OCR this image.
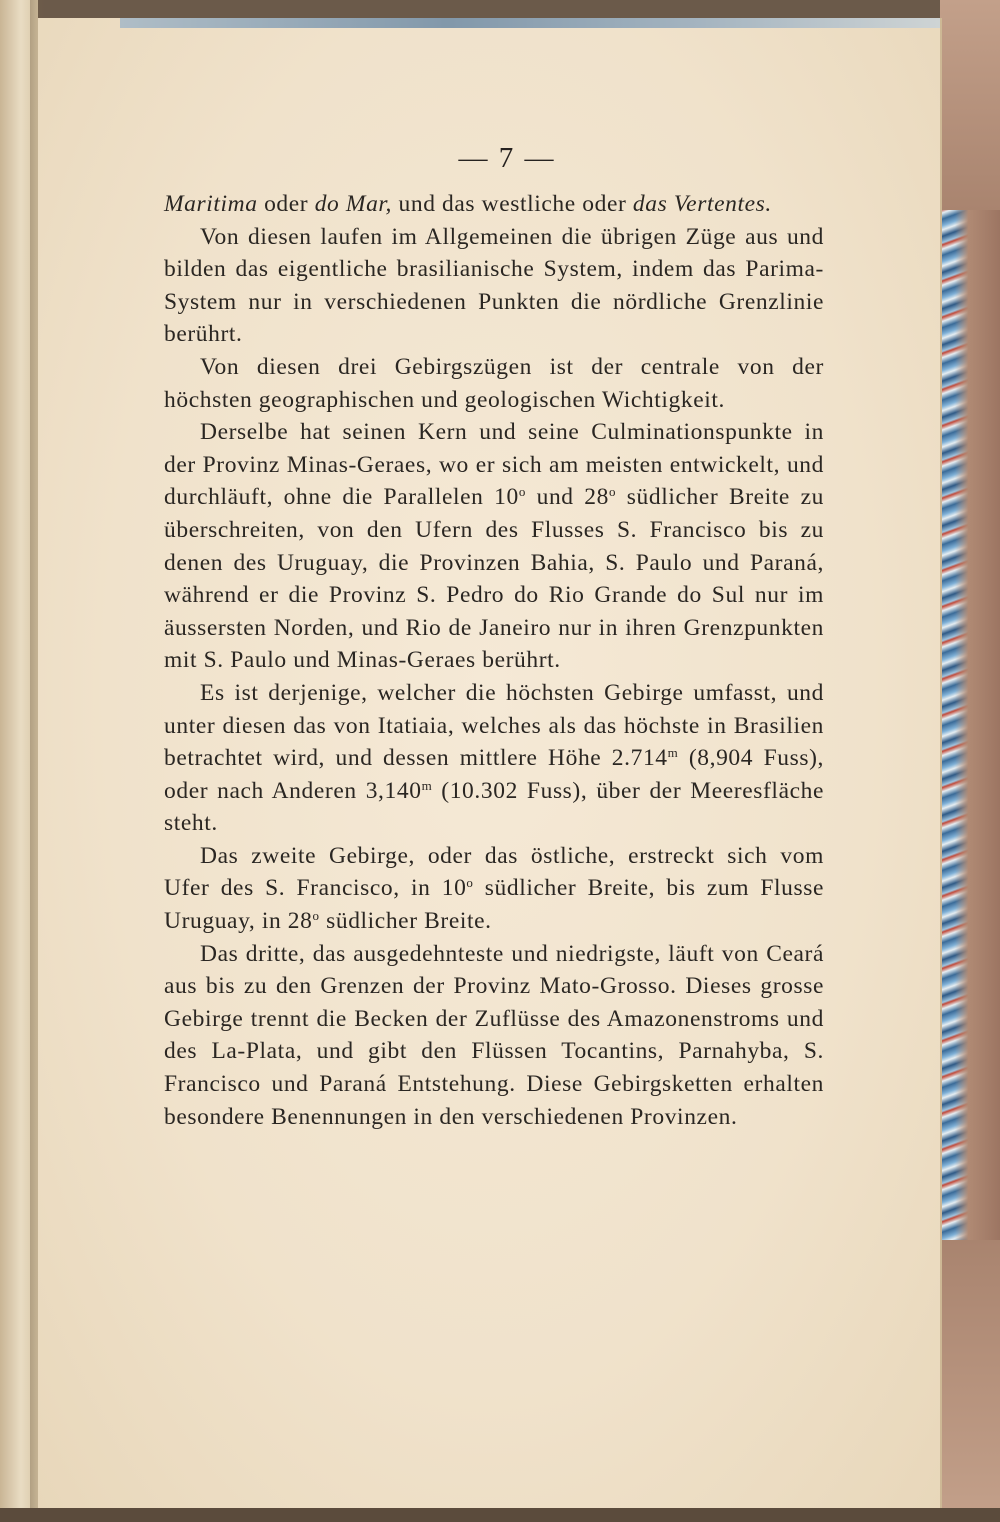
— 7 —

Maritima oder do Mar, und das westliche oder das Vertentes.

Von diesen laufen im Allgemeinen die übrigen Züge aus und bilden das eigentliche brasilianische System, indem das Parima-System nur in verschiedenen Punkten die nördliche Grenzlinie berührt.

Von diesen drei Gebirgszügen ist der centrale von der höchsten geographischen und geologischen Wichtigkeit.

Derselbe hat seinen Kern und seine Culminationspunkte in der Provinz Minas-Geraes, wo er sich am meisten entwickelt, und durchläuft, ohne die Parallelen 10$^o$ und 28$^o$ südlicher Breite zu überschreiten, von den Ufern des Flusses S. Francisco bis zu denen des Uruguay, die Provinzen Bahia, S. Paulo und Paraná, während er die Provinz S. Pedro do Rio Grande do Sul nur im äussersten Norden, und Rio de Janeiro nur in ihren Grenzpunkten mit S. Paulo und Minas-Geraes berührt.

Es ist derjenige, welcher die höchsten Gebirge umfasst, und unter diesen das von Itatiaia, welches als das höchste in Brasilien betrachtet wird, und dessen mittlere Höhe 2.714$^m$ (8,904 Fuss), oder nach Anderen 3,140$^m$ (10.302 Fuss), über der Meeresfläche steht.

Das zweite Gebirge, oder das östliche, erstreckt sich vom Ufer des S. Francisco, in 10$^o$ südlicher Breite, bis zum Flusse Uruguay, in 28$^o$ südlicher Breite.

Das dritte, das ausgedehnteste und niedrigste, läuft von Ceará aus bis zu den Grenzen der Provinz Mato-Grosso. Dieses grosse Gebirge trennt die Becken der Zuflüsse des Amazonenstroms und des La-Plata, und gibt den Flüssen Tocantins, Parnahyba, S. Francisco und Paraná Entstehung. Diese Gebirgsketten erhalten besondere Benennungen in den verschiedenen Provinzen.
